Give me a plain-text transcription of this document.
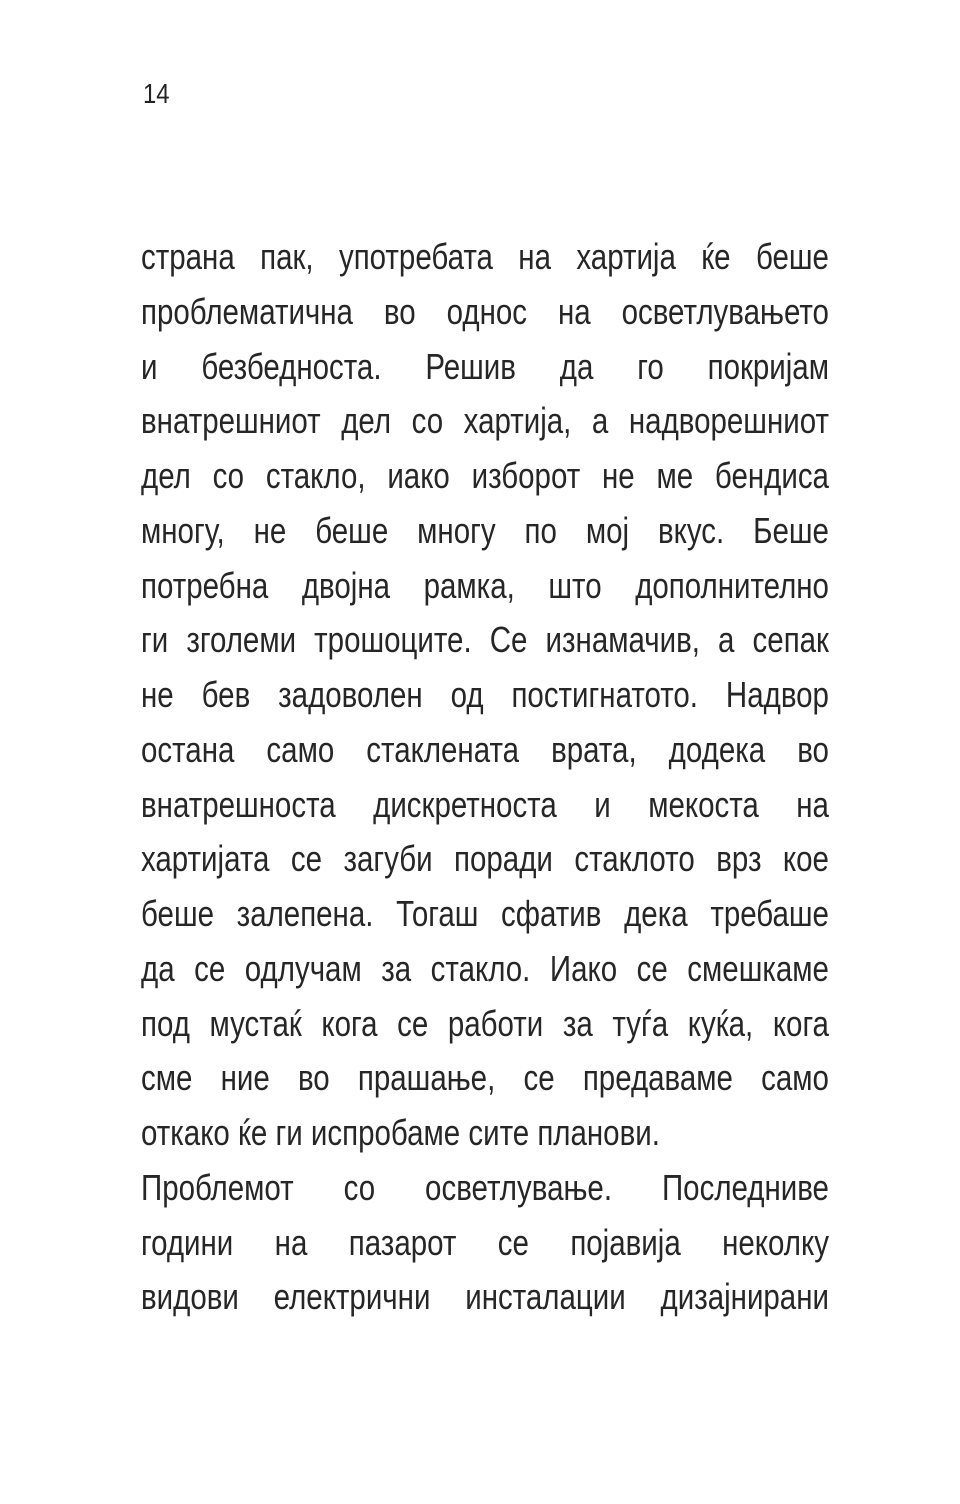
14
страна пак, употребата на хартија ќе беше
проблематична во однос на осветлувањето
и безбедноста. Решив да го покријам
внатрешниот дел со хартија, а надворешниот
дел со стакло, иако изборот не ме бендиса
многу, не беше многу по мој вкус. Беше
потребна двојна рамка, што дополнително
ги зголеми трошоците. Се изнамачив, а сепак
не бев задоволен од постигнатото. Надвор
остана само стаклената врата, додека во
внатрешноста дискретноста и мекоста на
хартијата се загуби поради стаклото врз кое
беше залепена. Тогаш сфатив дека требаше
да се одлучам за стакло. Иако се смешкаме
под мустаќ кога се работи за туѓа куќа, кога
сме ние во прашање, се предаваме само
откако ќе ги испробаме сите планови.
Проблемот со осветлување. Последниве
години на пазарот се појавија неколку
видови електрични инсталации дизајнирани
